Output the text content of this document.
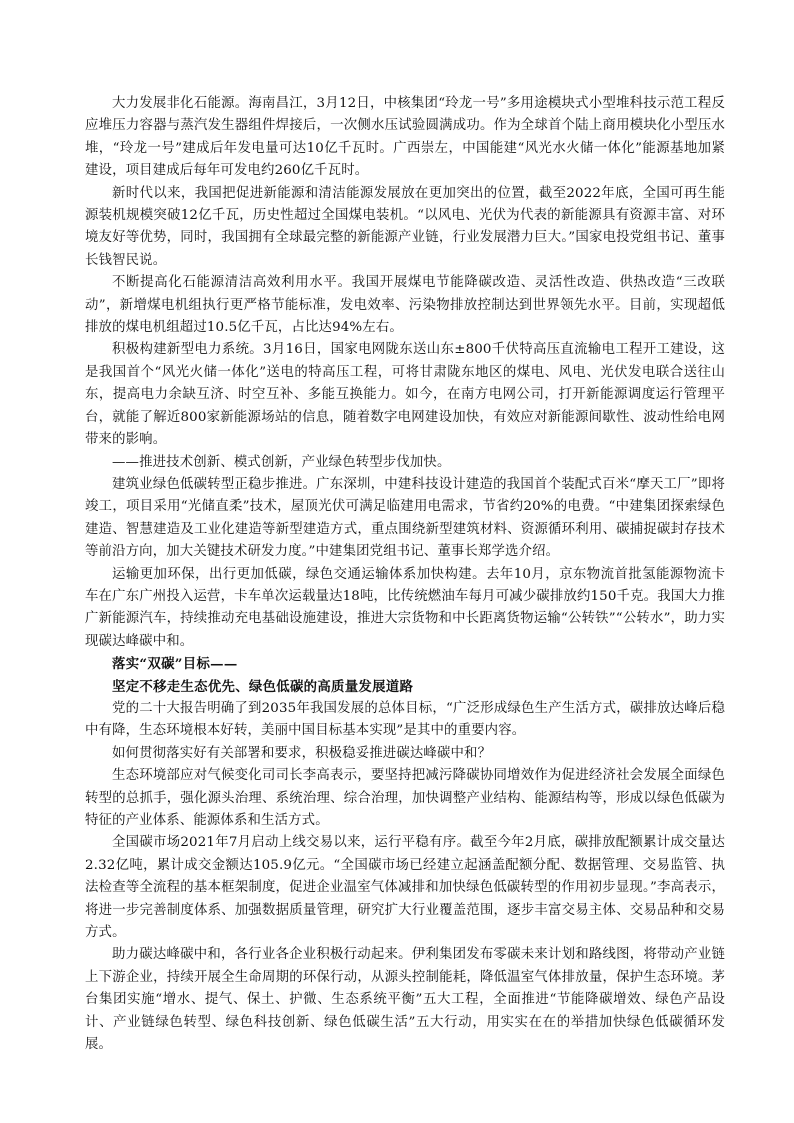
大力发展非化石能源。海南昌江，3月12日，中核集团“玲龙一号”多用途模块式小型堆科技示范工程反应堆压力容器与蒸汽发生器组件焊接后，一次侧水压试验圆满成功。作为全球首个陆上商用模块化小型压水堆，“玲龙一号”建成后年发电量可达10亿千瓦时。广西崇左，中国能建“风光水火储一体化”能源基地加紧建设，项目建成后每年可发电约260亿千瓦时。

新时代以来，我国把促进新能源和清洁能源发展放在更加突出的位置，截至2022年底，全国可再生能源装机规模突破12亿千瓦，历史性超过全国煤电装机。“以风电、光伏为代表的新能源具有资源丰富、对环境友好等优势，同时，我国拥有全球最完整的新能源产业链，行业发展潜力巨大。”国家电投党组书记、董事长钱智民说。

不断提高化石能源清洁高效利用水平。我国开展煤电节能降碳改造、灵活性改造、供热改造“三改联动”，新增煤电机组执行更严格节能标准，发电效率、污染物排放控制达到世界领先水平。目前，实现超低排放的煤电机组超过10.5亿千瓦，占比达94%左右。

积极构建新型电力系统。3月16日，国家电网陇东送山东±800千伏特高压直流输电工程开工建设，这是我国首个“风光火储一体化”送电的特高压工程，可将甘肃陇东地区的煤电、风电、光伏发电联合送往山东，提高电力余缺互济、时空互补、多能互换能力。如今，在南方电网公司，打开新能源调度运行管理平台，就能了解近800家新能源场站的信息，随着数字电网建设加快，有效应对新能源间歇性、波动性给电网带来的影响。

——推进技术创新、模式创新，产业绿色转型步伐加快。

建筑业绿色低碳转型正稳步推进。广东深圳，中建科技设计建造的我国首个装配式百米“摩天工厂”即将竣工，项目采用“光储直柔”技术，屋顶光伏可满足临建用电需求，节省约20%的电费。“中建集团探索绿色建造、智慧建造及工业化建造等新型建造方式，重点围绕新型建筑材料、资源循环利用、碳捕捉碳封存技术等前沿方向，加大关键技术研发力度。”中建集团党组书记、董事长郑学选介绍。

运输更加环保，出行更加低碳，绿色交通运输体系加快构建。去年10月，京东物流首批氢能源物流卡车在广东广州投入运营，卡车单次运载量达18吨，比传统燃油车每月可减少碳排放约150千克。我国大力推广新能源汽车，持续推动充电基础设施建设，推进大宗货物和中长距离货物运输“公转铁”“公转水”，助力实现碳达峰碳中和。

落实“双碳”目标——

坚定不移走生态优先、绿色低碳的高质量发展道路

党的二十大报告明确了到2035年我国发展的总体目标，“广泛形成绿色生产生活方式，碳排放达峰后稳中有降，生态环境根本好转，美丽中国目标基本实现”是其中的重要内容。

如何贯彻落实好有关部署和要求，积极稳妥推进碳达峰碳中和？

生态环境部应对气候变化司司长李高表示，要坚持把减污降碳协同增效作为促进经济社会发展全面绿色转型的总抓手，强化源头治理、系统治理、综合治理，加快调整产业结构、能源结构等，形成以绿色低碳为特征的产业体系、能源体系和生活方式。

全国碳市场2021年7月启动上线交易以来，运行平稳有序。截至今年2月底，碳排放配额累计成交量达2.32亿吨，累计成交金额达105.9亿元。“全国碳市场已经建立起涵盖配额分配、数据管理、交易监管、执法检查等全流程的基本框架制度，促进企业温室气体减排和加快绿色低碳转型的作用初步显现。”李高表示，将进一步完善制度体系、加强数据质量管理，研究扩大行业覆盖范围，逐步丰富交易主体、交易品种和交易方式。

助力碳达峰碳中和，各行业各企业积极行动起来。伊利集团发布零碳未来计划和路线图，将带动产业链上下游企业，持续开展全生命周期的环保行动，从源头控制能耗，降低温室气体排放量，保护生态环境。茅台集团实施“增水、提气、保土、护微、生态系统平衡”五大工程，全面推进“节能降碳增效、绿色产品设计、产业链绿色转型、绿色科技创新、绿色低碳生活”五大行动，用实实在在的举措加快绿色低碳循环发展。
